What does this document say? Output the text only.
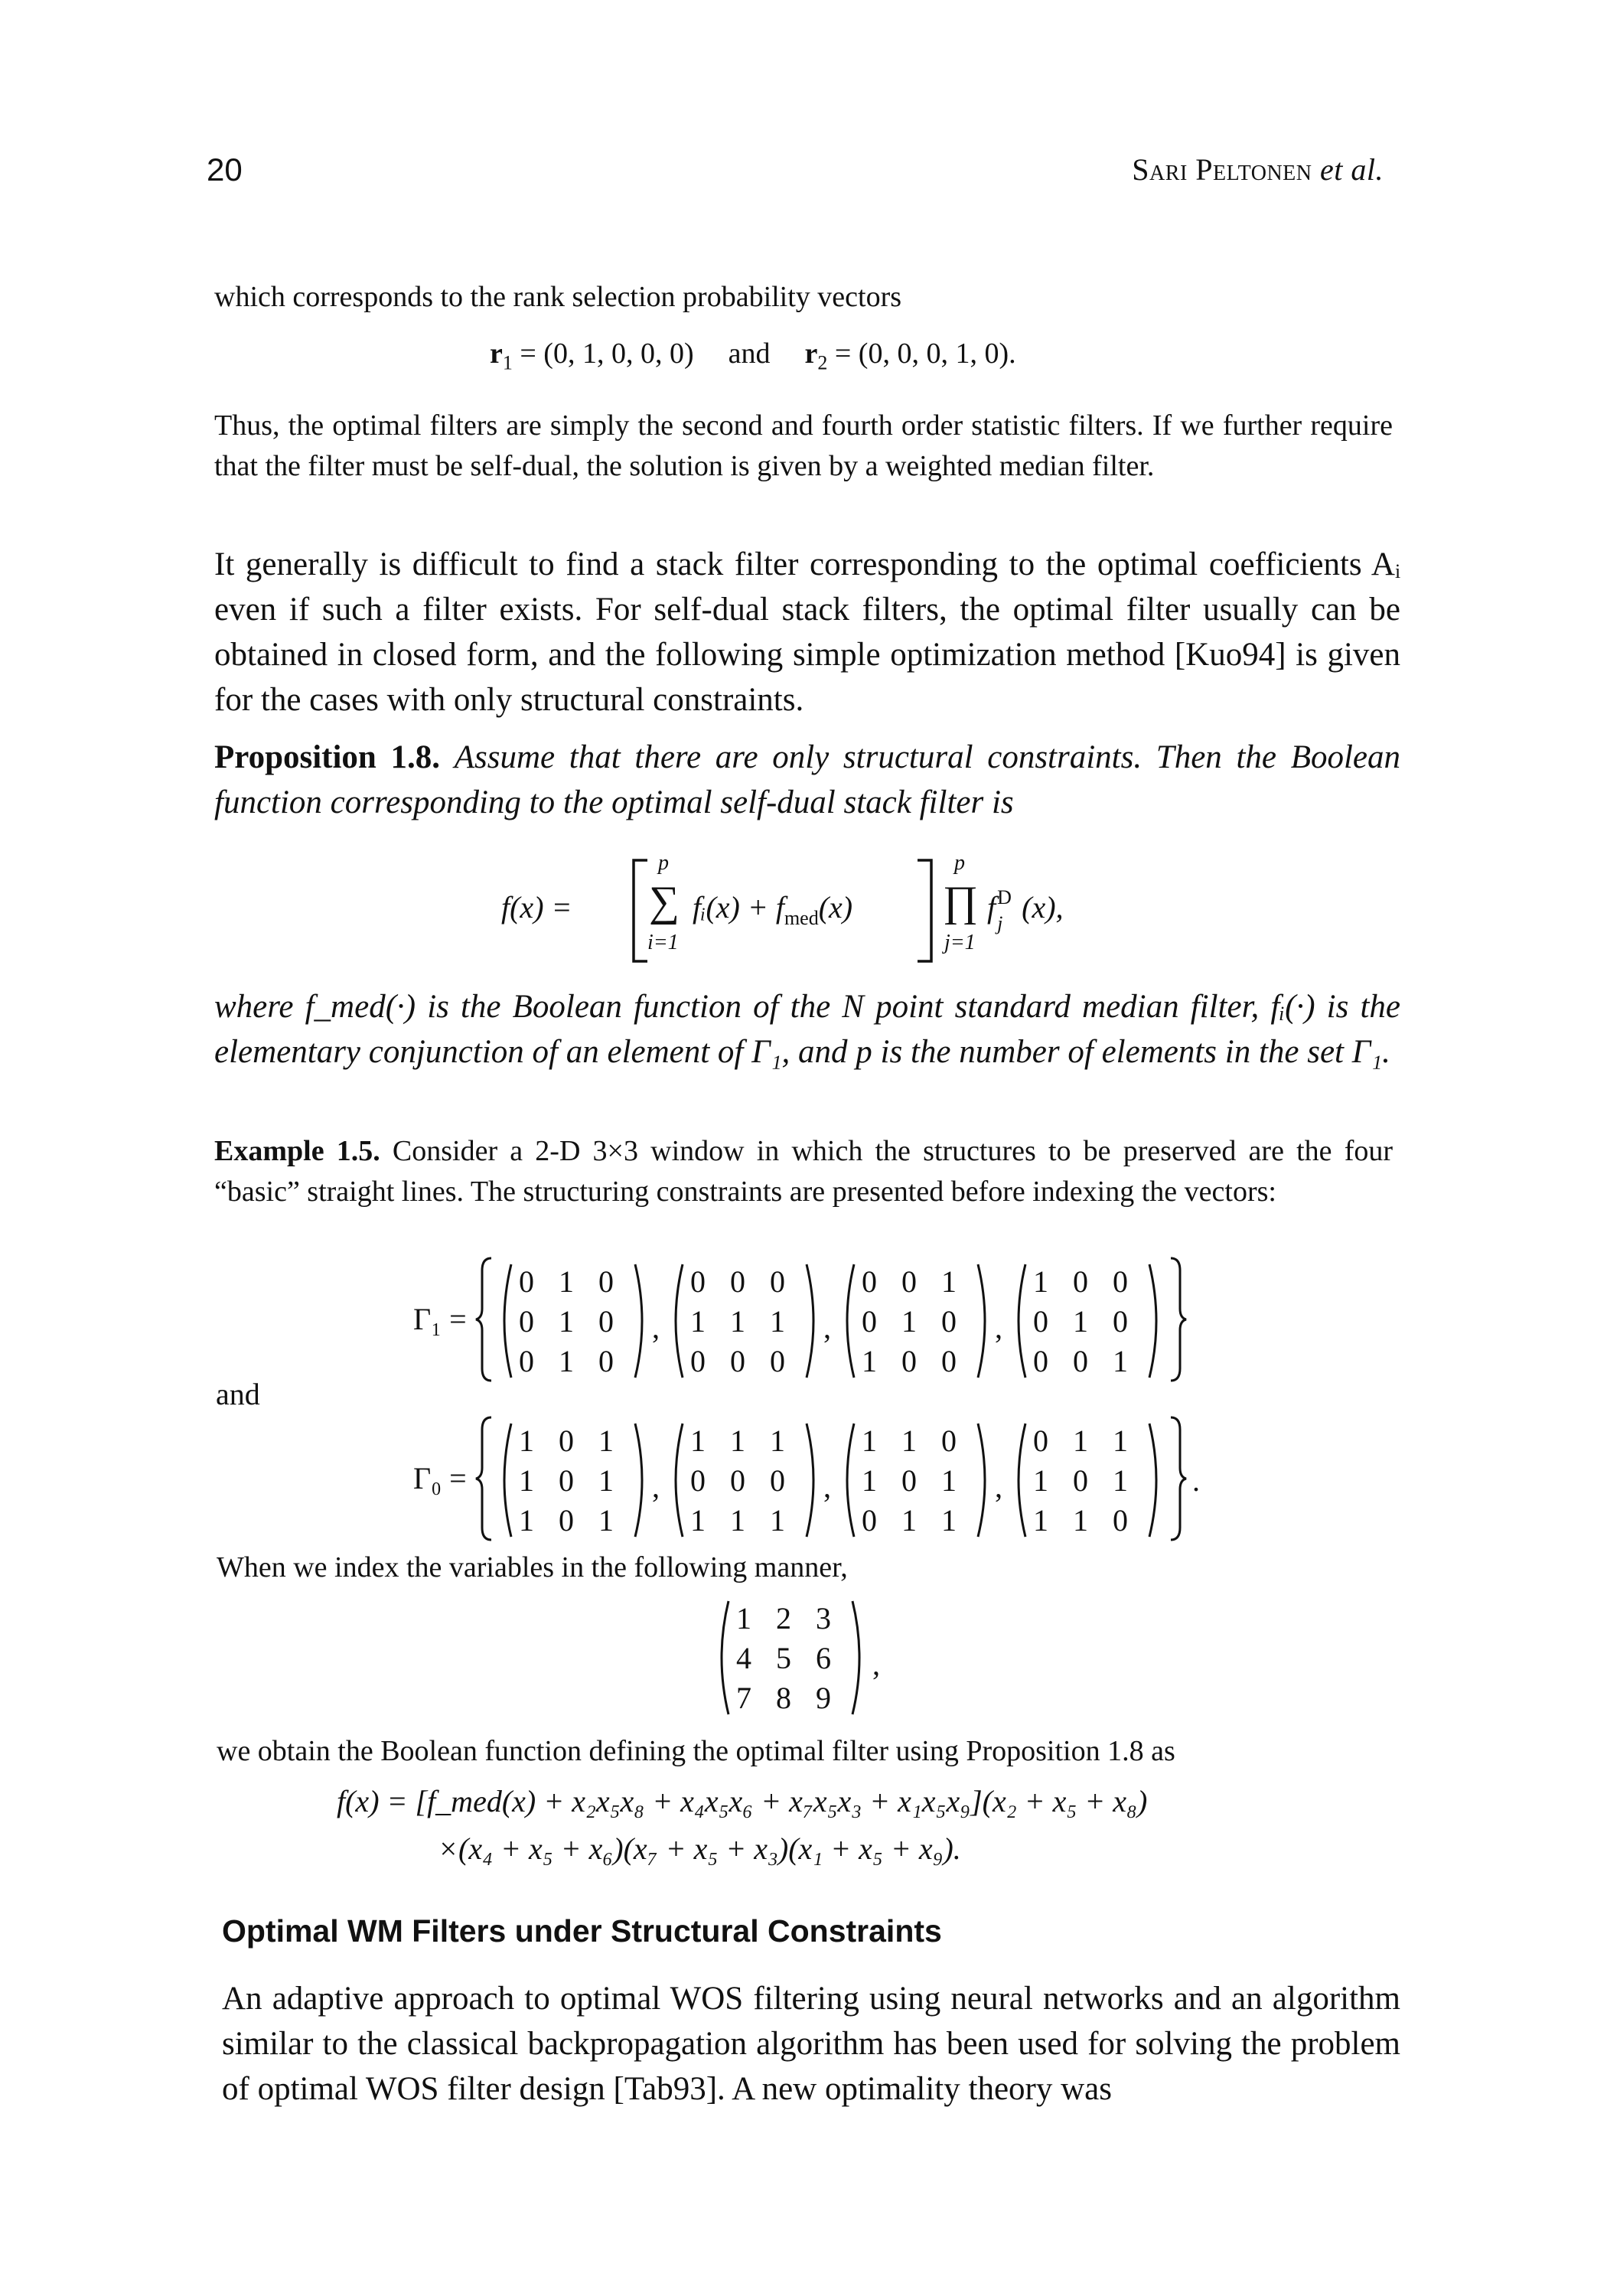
20	Sari Peltonen et al.
which corresponds to the rank selection probability vectors
$r_1 = (0$, 1, 0, 0, 0) and $r_2 = (0$, 0, 0, 1, 0).
Thus, the optimal filters are simply the second and fourth order statistic filters. If we further require that the filter must be self-dual, the solution is given by a weighted median filter.
It generally is difficult to find a stack filter corresponding to the optimal coefficients Aᵢ even if such a filter exists. For self-dual stack filters, the optimal filter usually can be obtained in closed form, and the following simple optimization method [Kuo94] is given for the cases with only structural constraints.
Proposition 1.8. Assume that there are only structural constraints. Then the Boolean function corresponding to the optimal self-dual stack filter is
f(x) =
p
∑
i=1
fᵢ(x) + $f_{med}(x)$
p
∏
j=1
f D
j (x),
where f_med(·) is the Boolean function of the N point standard median filter, fᵢ(·) is the elementary conjunction of an element of Γ₁, and p is the number of elements in the set Γ₁.
Example 1.5. Consider a 2-D 3×3 window in which the structures to be preserved are the four “basic” straight lines. The structuring constraints are presented before indexing the vectors:
Γ₁ =
0 1 0
0 1 0
0 1 0
,
0 0 0
1 1 1
0 0 0
,
0 0 1
0 1 0
1 0 0
,
1 0 0
0 1 0
0 0 1
and
Γ₀ =
1 0 1
1 0 1
1 0 1
,
1 1 1
0 0 0
1 1 1
,
1 1 0
1 0 1
0 1 1
,
0 1 1
1 0 1
1 1 0
.
When we index the variables in the following manner,
1 2 3
4 5 6
7 8 9
,
we obtain the Boolean function defining the optimal filter using Proposition 1.8 as
f(x) = [f_med(x) + x₂x₅x₈ + x₄x₅x₆ + x₇x₅x₃ + x₁x₅x₉](x₂ + x₅ + x₈)
×(x₄ + x₅ + x₆)(x₇ + x₅ + x₃)(x₁ + x₅ + x₉).
Optimal WM Filters under Structural Constraints
An adaptive approach to optimal WOS filtering using neural networks and an algorithm similar to the classical backpropagation algorithm has been used for solving the problem of optimal WOS filter design [Tab93]. A new optimality theory was
